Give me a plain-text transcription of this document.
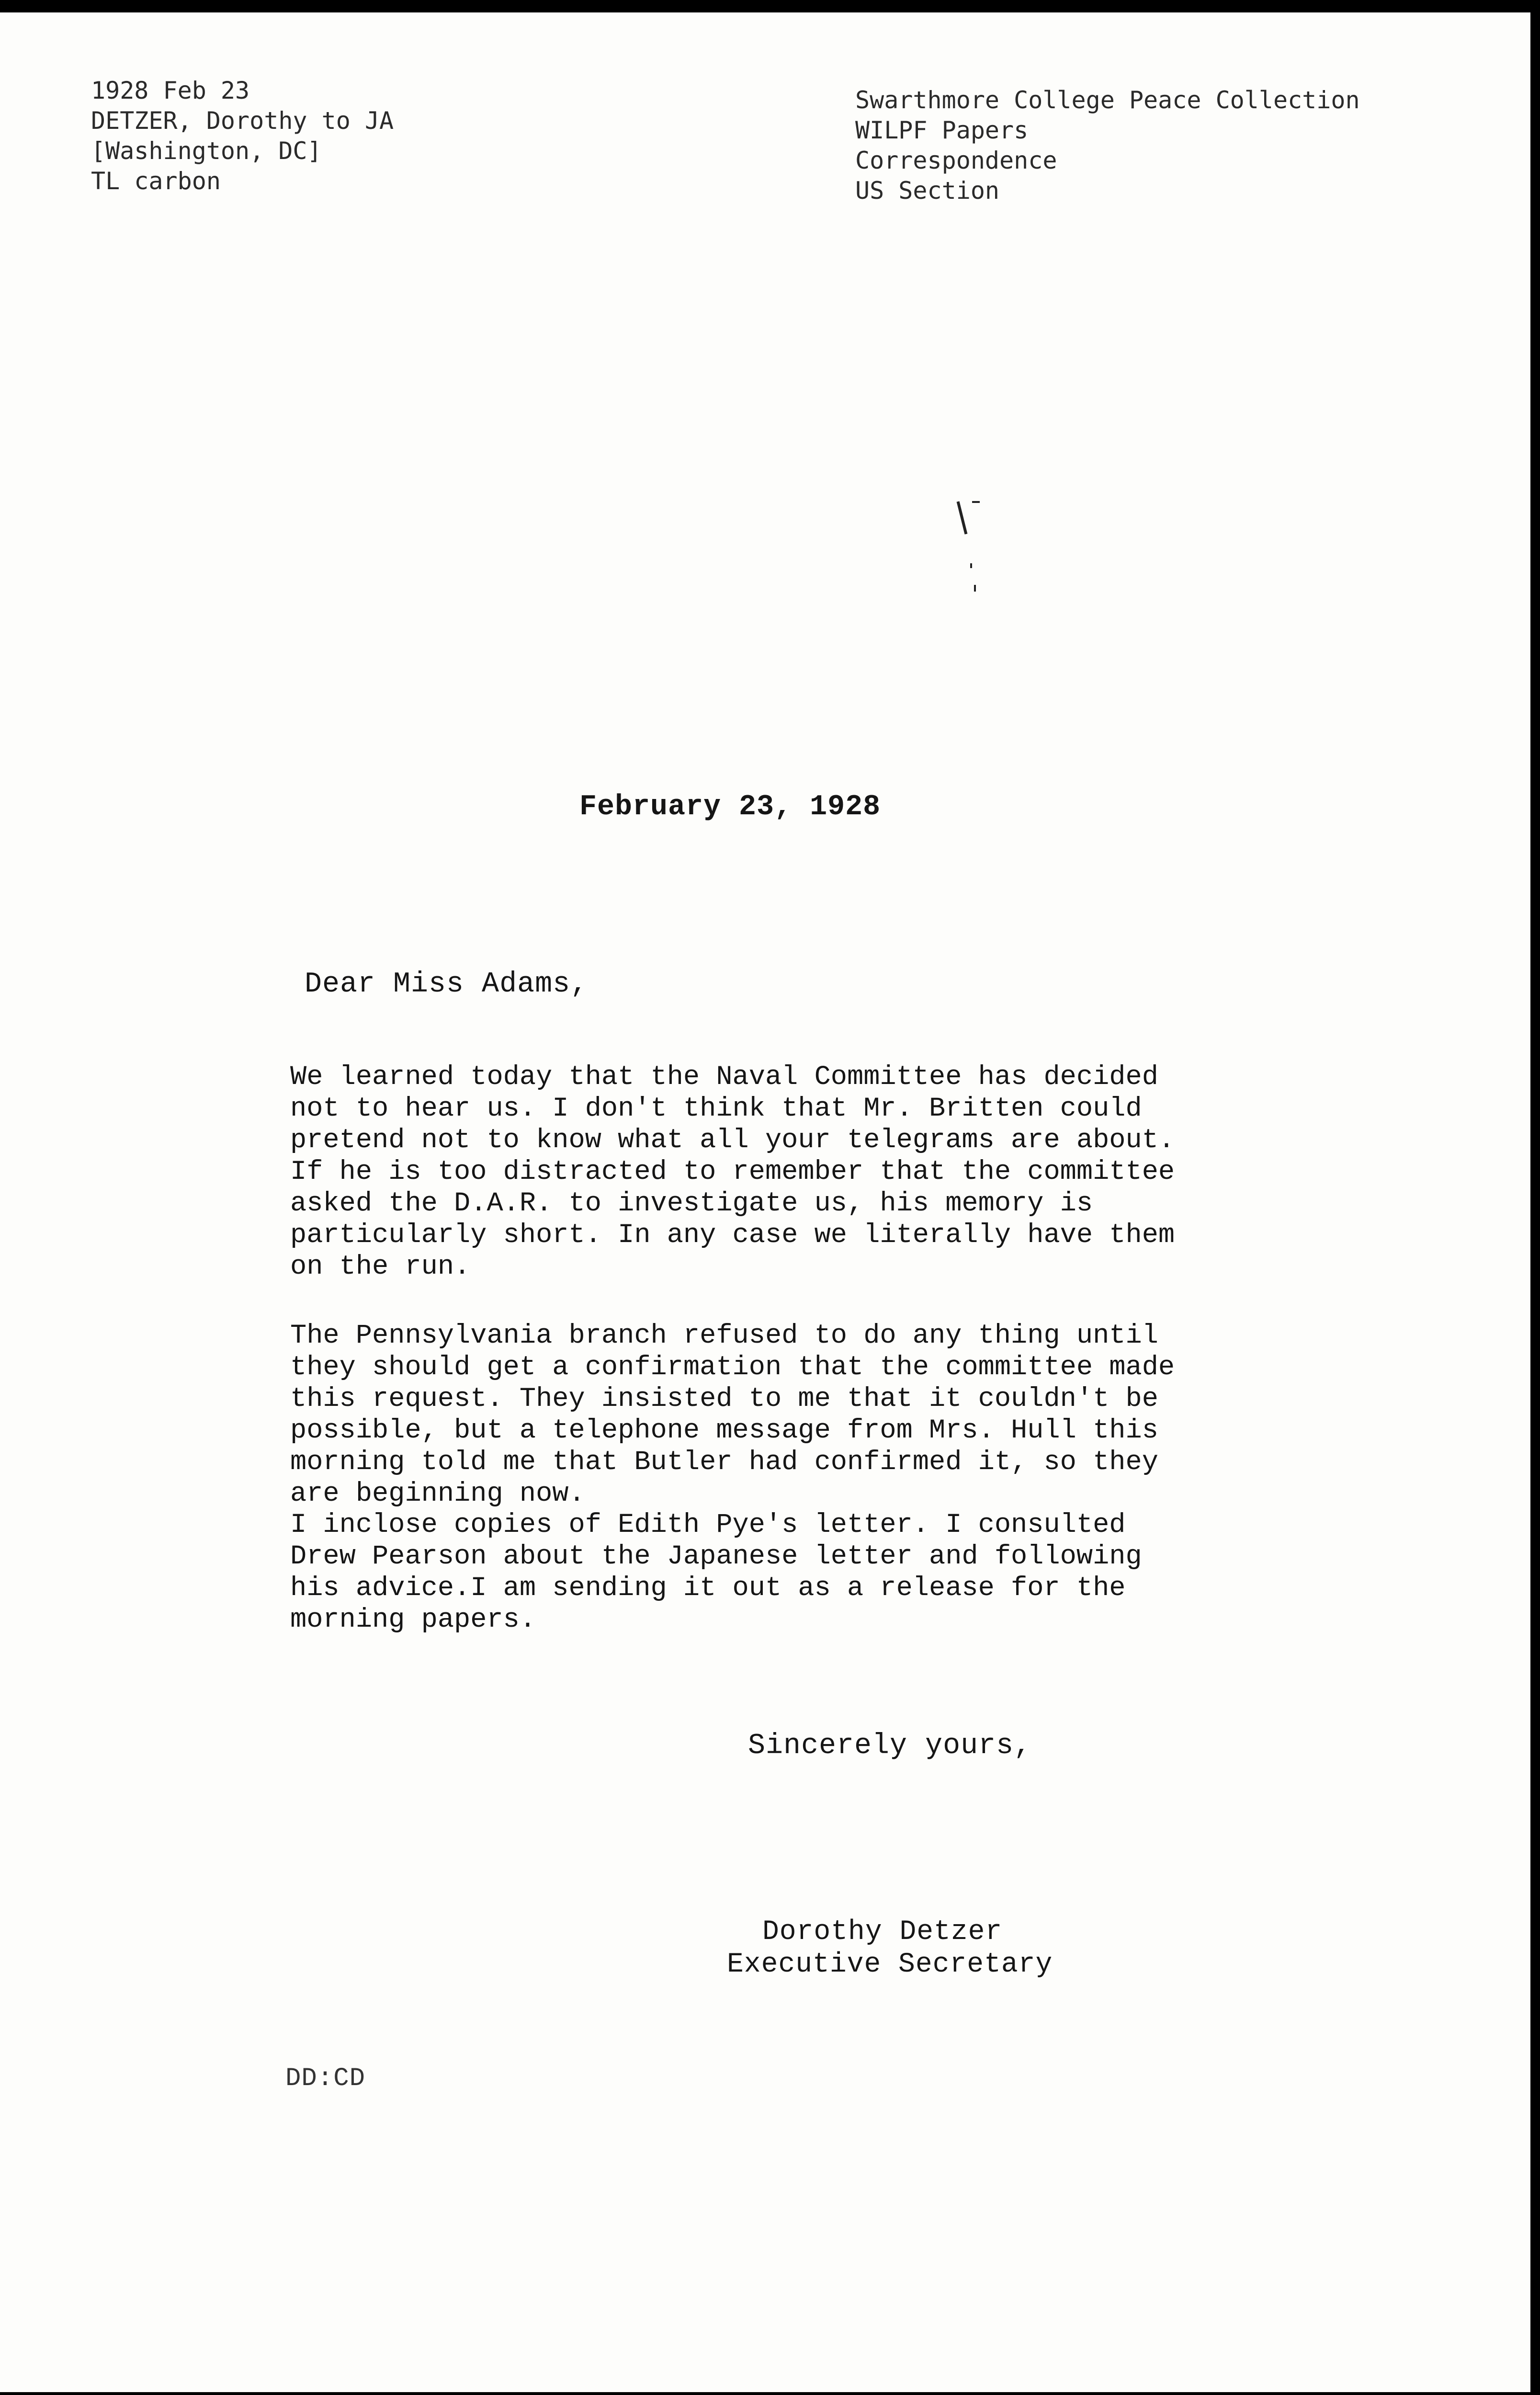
1928 Feb 23
DETZER, Dorothy to JA
[Washington, DC]
TL carbon
Swarthmore College Peace Collection
WILPF Papers
Correspondence
US Section
February 23, 1928
Dear Miss Adams,
We learned today that the Naval Committee has decided
not to hear us. I don't think that Mr. Britten could
pretend not to know what all your telegrams are about.
If he is too distracted to remember that the committee
asked the D.A.R. to investigate us, his memory is
particularly short. In any case we literally have them
on the run.
The Pennsylvania branch refused to do any thing until
they should get a confirmation that the committee made
this request. They insisted to me that it couldn't be
possible, but a telephone message from Mrs. Hull this
morning told me that Butler had confirmed it, so they
are beginning now.
I inclose copies of Edith Pye's letter. I consulted
Drew Pearson about the Japanese letter and following
his advice.I am sending it out as a release for the
morning papers.
Sincerely yours,
Dorothy Detzer
Executive Secretary
DD:CD
